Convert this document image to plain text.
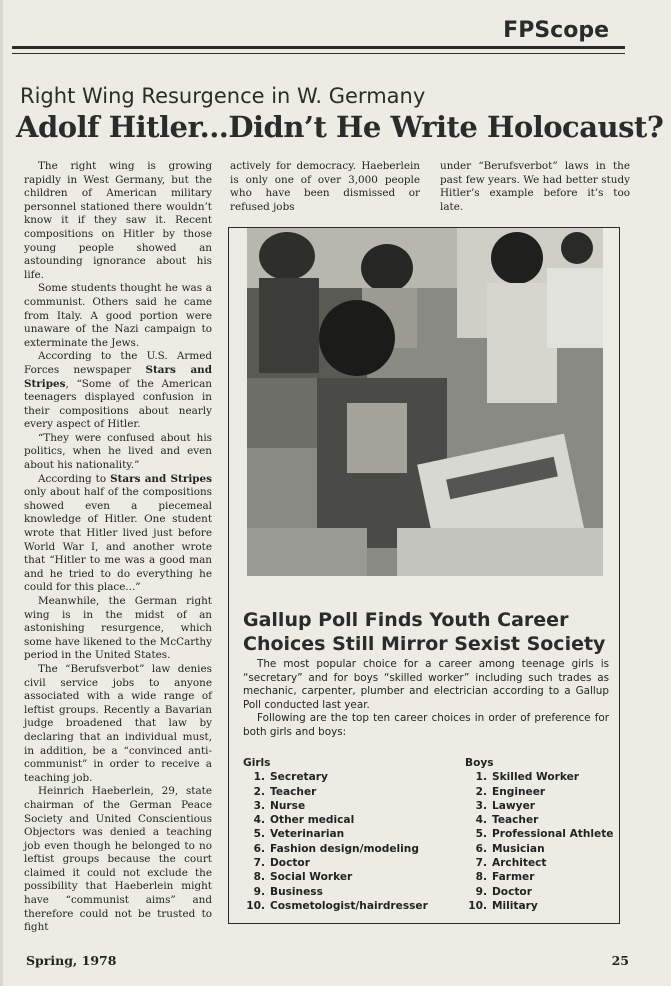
FPScope
Right Wing Resurgence in W. Germany
Adolf Hitler...Didn’t He Write Holocaust?

The right wing is growing rapidly in West Germany, but the children of American military personnel stationed there wouldn’t know it if they saw it. Recent compositions on Hitler by those young people showed an astounding ignorance about his life.

Some students thought he was a communist. Others said he came from Italy. A good portion were unaware of the Nazi campaign to exterminate the Jews.

According to the U.S. Armed Forces newspaper Stars and Stripes, “Some of the American teenagers displayed confusion in their compositions about nearly every aspect of Hitler.

“They were confused about his politics, when he lived and even about his nationality.”

According to Stars and Stripes only about half of the compositions showed even a piecemeal knowledge of Hitler. One student wrote that Hitler lived just before World War I, and another wrote that “Hitler to me was a good man and he tried to do everything he could for this place...”

Meanwhile, the German right wing is in the midst of an astonishing resurgence, which some have likened to the McCarthy period in the United States.

The “Berufsverbot” law denies civil service jobs to anyone associated with a wide range of leftist groups. Recently a Bavarian judge broadened that law by declaring that an individual must, in addition, be a “convinced anti-communist” in order to receive a teaching job.

Heinrich Haeberlein, 29, state chairman of the German Peace Society and United Conscientious Objectors was denied a teaching job even though he belonged to no leftist groups because the court claimed it could not exclude the possibility that Haeberlein might have “communist aims” and therefore could not be trusted to fight

actively for democracy. Haeberlein is only one of over 3,000 people who have been dismissed or refused jobs
under “Berufsverbot” laws in the past few years. We had better study Hitler’s example before it’s too late.
Gallup Poll Finds Youth Career Choices Still Mirror Sexist Society

The most popular choice for a career among teenage girls is “secretary” and for boys “skilled worker” including such trades as mechanic, carpenter, plumber and electrician according to a Gallup Poll conducted last year.

Following are the top ten career choices in order of preference for both girls and boys:

Girls
1. Secretary
2. Teacher
3. Nurse
4. Other medical
5. Veterinarian
6. Fashion design/modeling
7. Doctor
8. Social Worker
9. Business
10. Cosmetologist/hairdresser
Boys
1. Skilled Worker
2. Engineer
3. Lawyer
4. Teacher
5. Professional Athlete
6. Musician
7. Architect
8. Farmer
9. Doctor
10. Military
Spring, 1978	25
